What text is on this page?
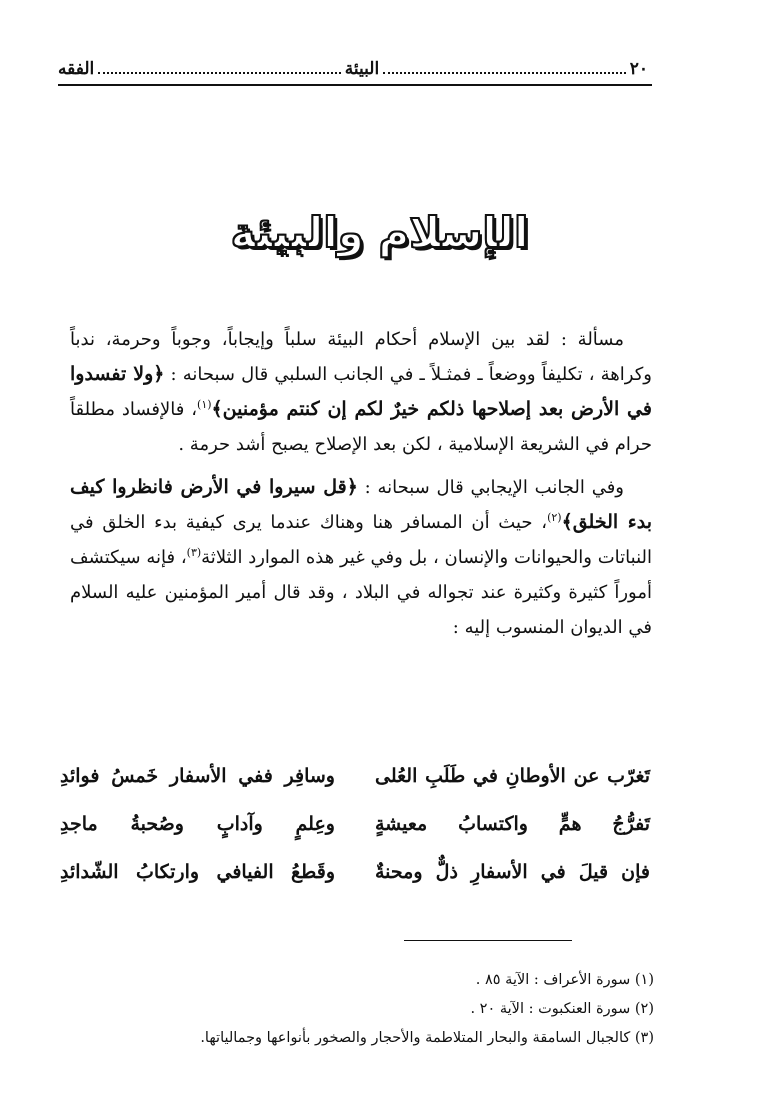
٢٠
البيئة
الفقه
الإسلام والبيئة

مسألة : لقد بين الإسلام أحكام البيئة سلباً وإيجاباً، وجوباً وحرمة، ندباً وكراهة ، تكليفاً ووضعاً ـ فمثـلاً ـ في الجانب السلبي قال سبحانه : ﴿ولا تفسدوا في الأرض بعد إصلاحها ذلكم خيرٌ لكم إن كنتم مؤمنين﴾$^{(١)}$، فالإفساد مطلقاً حرام في الشريعة الإسلامية ، لكن بعد الإصلاح يصبح أشد حرمة .

وفي الجانب الإيجابي قال سبحانه : ﴿قل سيروا في الأرض فانظروا كيف بدء الخلق﴾$^{(٢)}$، حيث أن المسافر هنا وهناك عندما يرى كيفية بدء الخلق في النباتات والحيوانات والإنسان ، بل وفي غير هذه الموارد الثلاثة$^{(٣)}$، فإنه سيكتشف أموراً كثيرة وكثيرة عند تجواله في البلاد ، وقد قال أمير المؤمنين عليه السلام في الديوان المنسوب إليه :

تَغرّب عن الأوطانِ في طَلَبِ العُلى
وسافِر ففي الأسفار خَمسُ فوائدِ
تَفرُّجُ همٍّ واكتسابُ معيشةٍ
وعِلمٍ وآدابٍ وصُحبةُ ماجدِ
فإن قيلَ في الأسفارِ ذلٌّ ومحنةٌ
وقَطعُ الفيافي وارتكابُ الشّدائدِ
(١) سورة الأعراف : الآية ٨٥ .
(٢) سورة العنكبوت : الآية ٢٠ .
(٣) كالجبال السامقة والبحار المتلاطمة والأحجار والصخور بأنواعها وجمالياتها.
